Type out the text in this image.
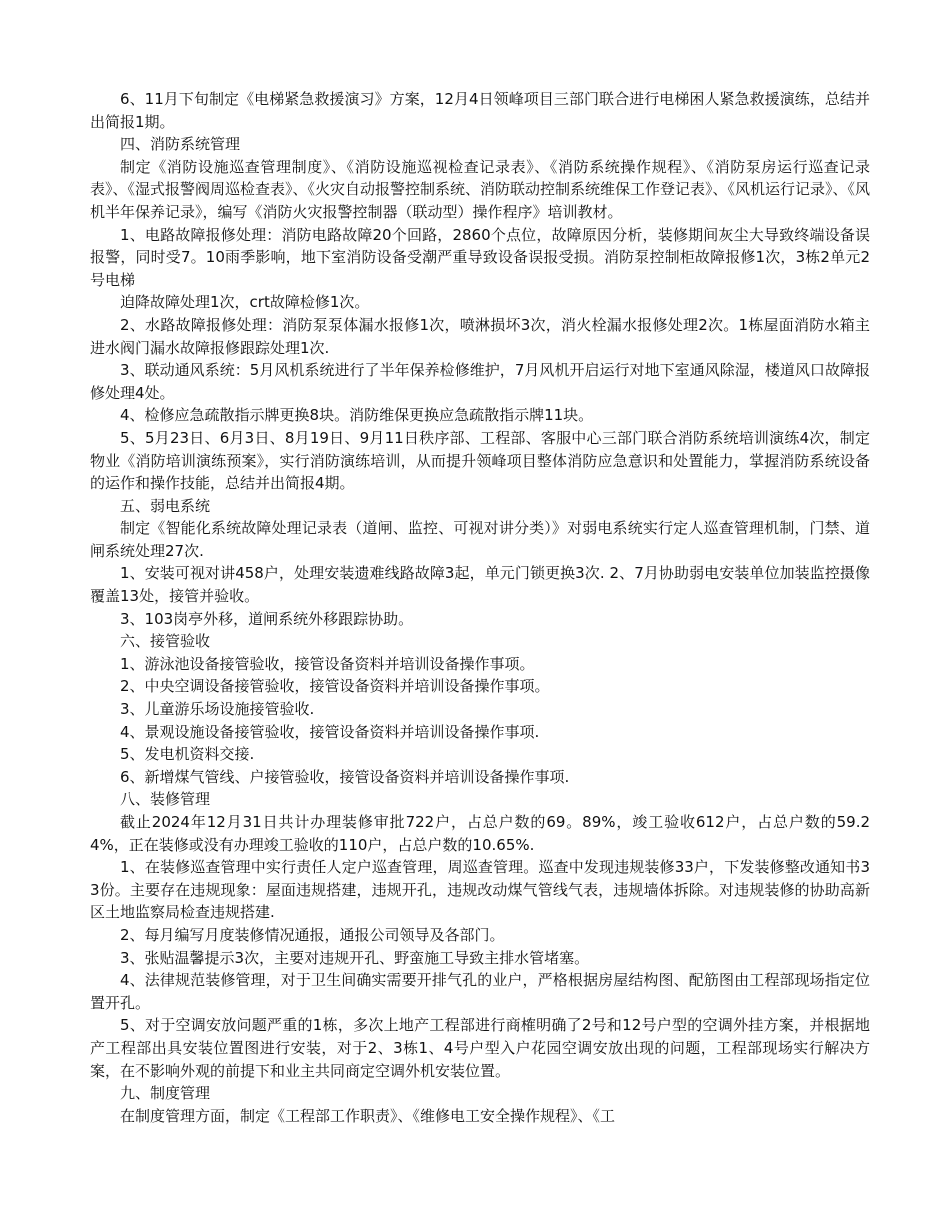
6、11月下旬制定《电梯紧急救援演习》方案，12月4日领峰项目三部门联合进行电梯困人紧急救援演练，总结并出简报1期。

四、消防系统管理

制定《消防设施巡查管理制度》、《消防设施巡视检查记录表》、《消防系统操作规程》、《消防泵房运行巡查记录表》、《湿式报警阀周巡检查表》、《火灾自动报警控制系统、消防联动控制系统维保工作登记表》、《风机运行记录》、《风机半年保养记录》，编写《消防火灾报警控制器（联动型）操作程序》培训教材。

1、电路故障报修处理：消防电路故障20个回路，2860个点位，故障原因分析，装修期间灰尘大导致终端设备误报警，同时受7。10雨季影响，地下室消防设备受潮严重导致设备误报受损。消防泵控制柜故障报修1次，3栋2单元2号电梯

迫降故障处理1次，crt故障检修1次。

2、水路故障报修处理：消防泵泵体漏水报修1次，喷淋损坏3次，消火栓漏水报修处理2次。1栋屋面消防水箱主进水阀门漏水故障报修跟踪处理1次.

3、联动通风系统：5月风机系统进行了半年保养检修维护，7月风机开启运行对地下室通风除湿，楼道风口故障报修处理4处。

4、检修应急疏散指示牌更换8块。消防维保更换应急疏散指示牌11块。

5、5月23日、6月3日、8月19日、9月11日秩序部、工程部、客服中心三部门联合消防系统培训演练4次，制定物业《消防培训演练预案》，实行消防演练培训，从而提升领峰项目整体消防应急意识和处置能力，掌握消防系统设备的运作和操作技能，总结并出简报4期。

五、弱电系统

制定《智能化系统故障处理记录表（道闸、监控、可视对讲分类）》对弱电系统实行定人巡查管理机制，门禁、道闸系统处理27次.

1、安装可视对讲458户，处理安装遗难线路故障3起，单元门锁更换3次. 2、7月协助弱电安装单位加装监控摄像覆盖13处，接管并验收。

3、103岗亭外移，道闸系统外移跟踪协助。

六、接管验收

1、游泳池设备接管验收，接管设备资料并培训设备操作事项。

2、中央空调设备接管验收，接管设备资料并培训设备操作事项。

3、儿童游乐场设施接管验收.

4、景观设施设备接管验收，接管设备资料并培训设备操作事项.

5、发电机资料交接.

6、新增煤气管线、户接管验收，接管设备资料并培训设备操作事项.

八、装修管理

截止2024年12月31日共计办理装修审批722户，占总户数的69。89%，竣工验收612户，占总户数的59.24%，正在装修或没有办理竣工验收的110户，占总户数的10.65%.

1、在装修巡查管理中实行责任人定户巡查管理，周巡查管理。巡查中发现违规装修33户，下发装修整改通知书33份。主要存在违规现象：屋面违规搭建，违规开孔，违规改动煤气管线气表，违规墙体拆除。对违规装修的协助高新区土地监察局检查违规搭建.

2、每月编写月度装修情况通报，通报公司领导及各部门。

3、张贴温馨提示3次，主要对违规开孔、野蛮施工导致主排水管堵塞。

4、法律规范装修管理，对于卫生间确实需要开排气孔的业户，严格根据房屋结构图、配筋图由工程部现场指定位置开孔。

5、对于空调安放问题严重的1栋，多次上地产工程部进行商榷明确了2号和12号户型的空调外挂方案，并根据地产工程部出具安装位置图进行安装，对于2、3栋1、4号户型入户花园空调安放出现的问题，工程部现场实行解决方案，在不影响外观的前提下和业主共同商定空调外机安装位置。

九、制度管理

在制度管理方面，制定《工程部工作职责》、《维修电工安全操作规程》、《工
